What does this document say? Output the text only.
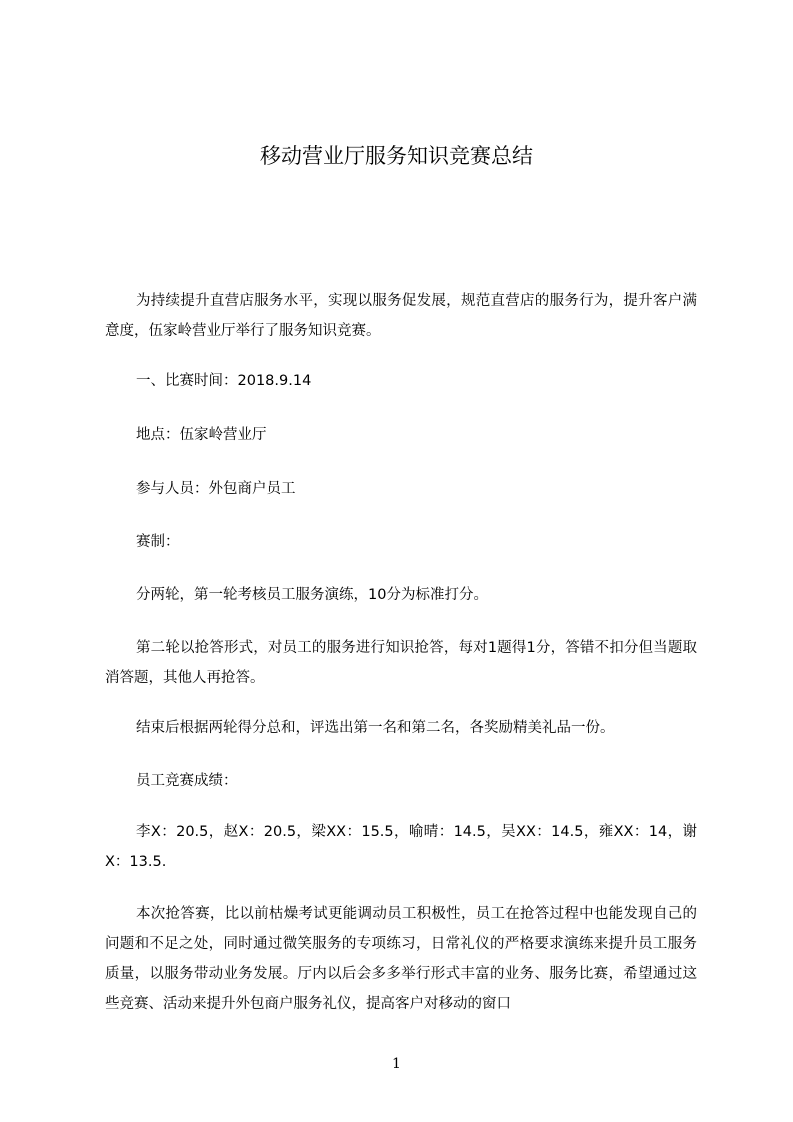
移动营业厅服务知识竞赛总结

为持续提升直营店服务水平，实现以服务促发展，规范直营店的服务行为，提升客户满意度，伍家岭营业厅举行了服务知识竞赛。

一、比赛时间：2018.9.14

地点：伍家岭营业厅

参与人员：外包商户员工

赛制：

分两轮，第一轮考核员工服务演练，10分为标准打分。

第二轮以抢答形式，对员工的服务进行知识抢答，每对1题得1分，答错不扣分但当题取消答题，其他人再抢答。

结束后根据两轮得分总和，评选出第一名和第二名，各奖励精美礼品一份。

员工竞赛成绩：

李X：20.5，赵X：20.5，梁XX：15.5，喻晴：14.5，吴XX：14.5，雍XX：14，谢X：13.5.

本次抢答赛，比以前枯燥考试更能调动员工积极性，员工在抢答过程中也能发现自己的问题和不足之处，同时通过微笑服务的专项练习，日常礼仪的严格要求演练来提升员工服务质量，以服务带动业务发展。厅内以后会多多举行形式丰富的业务、服务比赛，希望通过这些竞赛、活动来提升外包商户服务礼仪，提高客户对移动的窗口

1
